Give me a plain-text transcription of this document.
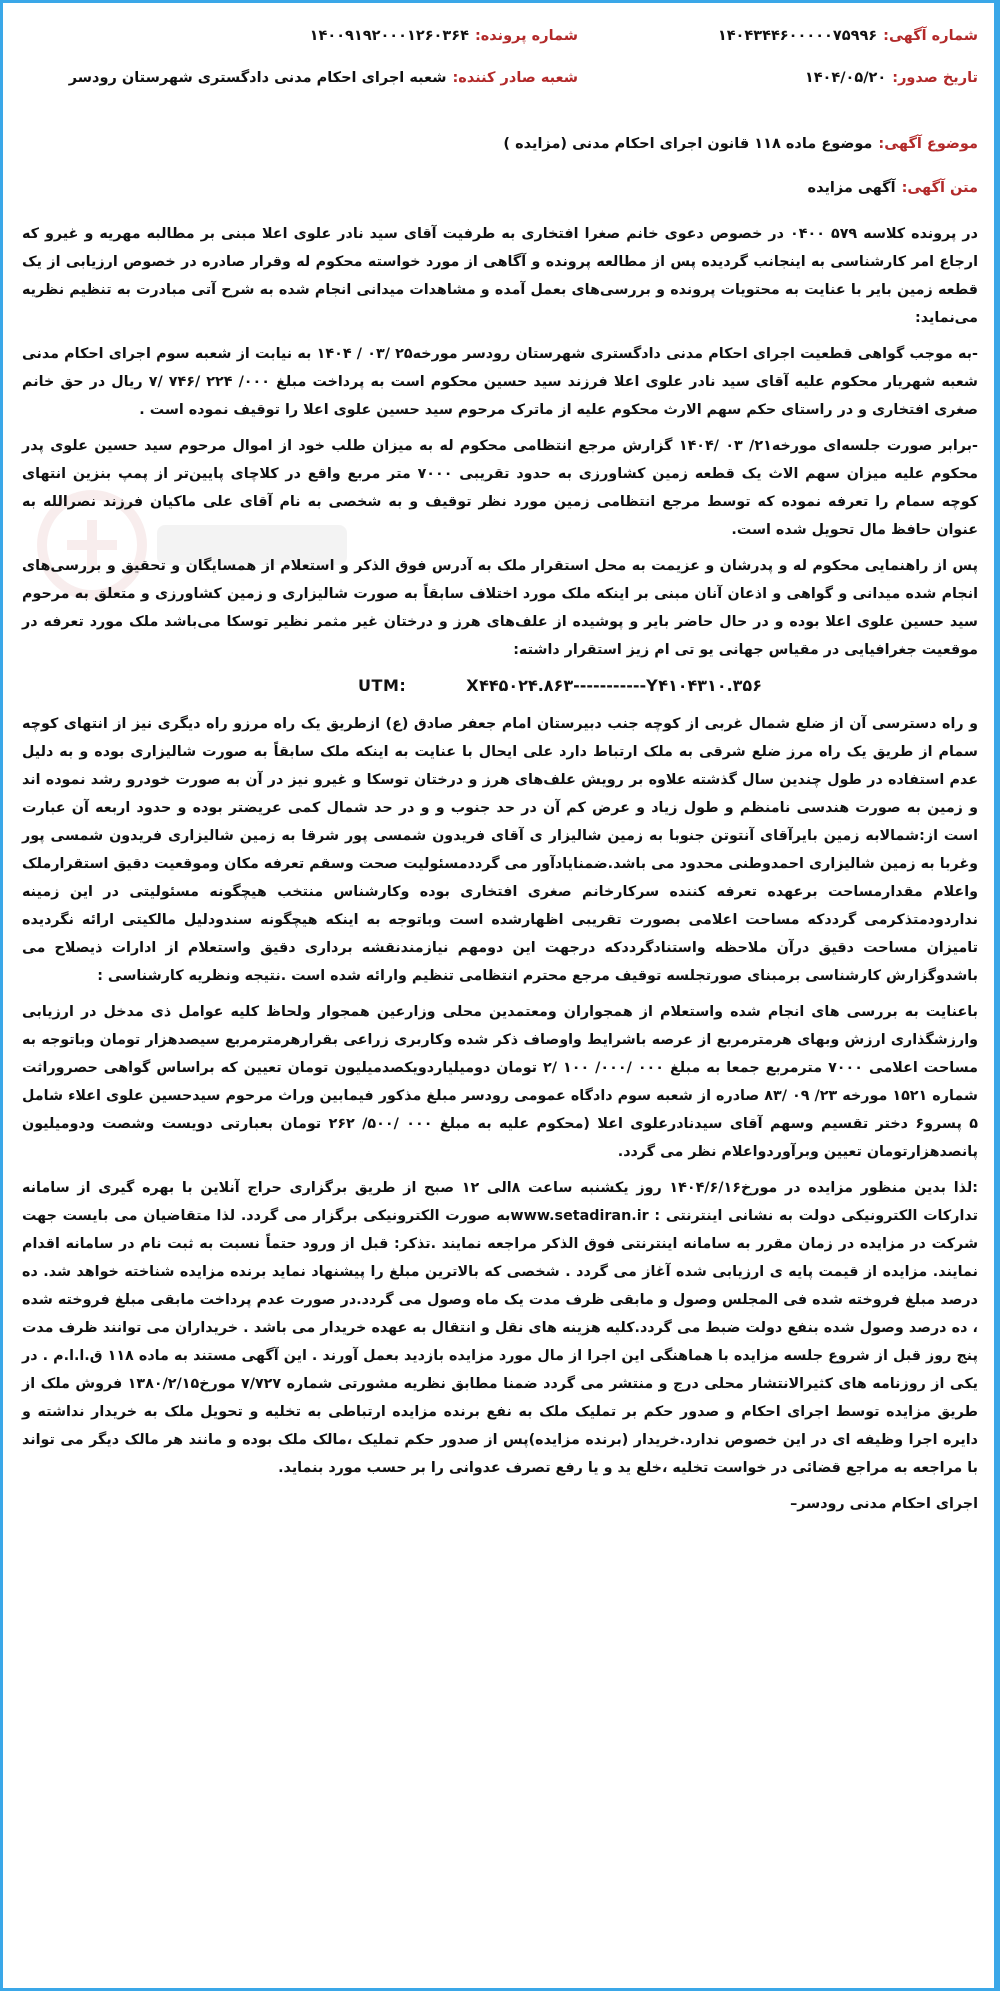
شماره آگهی:
۱۴۰۴۳۴۴۶۰۰۰۰۰۷۵۹۹۶
شماره پرونده:
۱۴۰۰۹۱۹۲۰۰۰۱۲۶۰۳۶۴
تاریخ صدور:
۱۴۰۴/۰۵/۲۰
شعبه صادر کننده:
شعبه اجرای احکام مدنی دادگستری شهرستان رودسر
موضوع آگهی:
موضوع ماده ۱۱۸ قانون اجرای احکام مدنی (مزایده )
متن آگهی:
آگهی مزایده

در پرونده کلاسه ۵۷۹ ۰۴۰۰ در خصوص دعوی خانم صغرا افتخاری به طرفیت آقای سید نادر علوی اعلا مبنی بر مطالبه مهریه و غیرو که ارجاع امر کارشناسی به اینجانب گردیده پس از مطالعه پرونده و آگاهی از مورد خواسته محکوم له وقرار صادره در خصوص ارزیابی از یک قطعه زمین بایر با عنایت به محتویات پرونده و بررسی‌های بعمل آمده و مشاهدات میدانی انجام شده به شرح آتی مبادرت به تنظیم نظریه می‌نماید:

-به موجب گواهی قطعیت اجرای احکام مدنی دادگستری شهرستان رودسر مورخه۲۵ /۰۳ / ۱۴۰۴ به نیابت از شعبه سوم اجرای احکام مدنی شعبه شهریار محکوم علیه آقای سید نادر علوی اعلا فرزند سید حسین محکوم است به پرداخت مبلغ ۰۰۰/ ۲۲۴ /۷۴۶ /۷ ریال در حق خانم صغری افتخاری و در راستای حکم سهم الارث محکوم علیه از ماترک مرحوم سید حسین علوی اعلا را توقیف نموده است .

-برابر صورت جلسه‌ای مورخه۲۱/ ۰۳ /۱۴۰۴ گزارش مرجع انتظامی محکوم له به میزان طلب خود از اموال مرحوم سید حسین علوی پدر محکوم علیه میزان سهم الاث یک قطعه زمین کشاورزی به حدود تقریبی ۷۰۰۰ متر مربع واقع در کلاچای پایین‌تر از پمپ بنزین انتهای کوچه سمام را تعرفه نموده که توسط مرجع انتظامی زمین مورد نظر توقیف و به شخصی به نام آقای علی ماکیان فرزند نصرالله به عنوان حافظ مال تحویل شده است.

پس از راهنمایی محکوم له و پدرشان و عزیمت به محل استقرار ملک به آدرس فوق الذکر و استعلام از همسایگان و تحقیق و بررسی‌های انجام شده میدانی و گواهی و اذعان آنان مبنی بر اینکه ملک مورد اختلاف سابقاً به صورت شالیزاری و زمین کشاورزی و متعلق به مرحوم سید حسین علوی اعلا بوده و در حال حاضر بایر و پوشیده از علف‌های هرز و درختان غیر مثمر نظیر توسکا می‌باشد ملک مورد تعرفه در موقعیت جغرافیایی در مقیاس جهانی یو تی ام زیز استقرار داشته:

UTM:	X۴۴۵۰۲۴.۸۶۳-----------Y۴۱۰۴۳۱۰.۳۵۶

و راه دسترسی آن از ضلع شمال غربی از کوچه جنب دبیرستان امام جعفر صادق (ع) ازطریق یک راه مرزو راه دیگری نیز از انتهای کوچه سمام از طریق یک راه مرز ضلع شرقی به ملک ارتباط دارد علی ایحال با عنایت به اینکه ملک سابقاً به صورت شالیزاری بوده و به دلیل عدم استفاده در طول چندین سال گذشته علاوه بر رویش علف‌های هرز و درختان توسکا و غیرو نیز در آن به صورت خودرو رشد نموده اند و زمین به صورت هندسی نامنظم و طول زیاد و عرض کم آن در حد جنوب و و در حد شمال کمی عریضتر بوده و حدود اربعه آن عبارت است از:شمالابه زمین بایرآقای آنتوتن جنوبا به زمین شالیزار ی آقای فریدون شمسی پور شرقا به زمین شالیزاری فریدون شمسی پور وغربا به زمین شالیزاری احمدوطنی محدود می باشد.ضمنایادآور می گرددمسئولیت صحت وسقم تعرفه مکان وموقعیت دقیق استقرارملک واعلام مقدارمساحت برعهده تعرفه کننده سرکارخانم صغری افتخاری بوده وکارشناس منتخب هیچگونه مسئولیتی در این زمینه نداردودمتذکرمی گرددکه مساحت اعلامی بصورت تقریبی اظهارشده است وباتوجه به اینکه هیچگونه سندودلیل مالکیتی ارائه نگردیده تامیزان مساحت دقیق درآن ملاحظه واستنادگرددکه درجهت این دومهم نیازمندنقشه برداری دقیق واستعلام از ادارات ذیصلاح می باشدوگزارش کارشناسی برمبنای صورتجلسه توقیف مرجع محترم انتظامی تنظیم وارائه شده است .نتیجه ونظریه کارشناسی :

باعنایت به بررسی های انجام شده واستعلام از همجواران ومعتمدین محلی وزارعین همجوار ولحاظ کلیه عوامل ذی مدخل در ارزیابی وارزشگذاری ارزش وبهای هرمترمربع از عرصه باشرایط واوصاف ذکر شده وکاربری زراعی بقرارهرمترمربع سیصدهزار تومان وباتوجه به مساحت اعلامی ۷۰۰۰ مترمربع جمعا به مبلغ ۰۰۰ /۰۰۰/ ۱۰۰ /۲ تومان دومیلیاردویکصدمیلیون تومان تعیین که براساس گواهی حصروراثت شماره ۱۵۲۱ مورخه ۲۳/ ۰۹ /۸۳ صادره از شعبه سوم دادگاه عمومی رودسر مبلغ مذکور فیمابین وراث مرحوم سیدحسین علوی اعلاء شامل ۵ پسرو۶ دختر تقسیم وسهم آقای سیدنادرعلوی اعلا (محکوم علیه به مبلغ ۰۰۰ /۵۰۰/ ۲۶۲ تومان بعبارتی دویست وشصت ودومیلیون پانصدهزارتومان تعیین وبرآوردواعلام نظر می گردد.

:لذا بدین منظور مزایده در مورخ۱۴۰۴/۶/۱۶ روز یکشنبه ساعت ۸الی ۱۲ صبح از طریق برگزاری حراج آنلاین با بهره گیری از سامانه تدارکات الکترونیکی دولت به نشانی اینترنتی : www.setadiran.irبه صورت الکترونیکی برگزار می گردد. لذا متقاضیان می بایست جهت شرکت در مزایده در زمان مقرر به سامانه اینترنتی فوق الذکر مراجعه نمایند .تذکر: قبل از ورود حتماً نسبت به ثبت نام در سامانه اقدام نمایند. مزایده از قیمت پایه ی ارزیابی شده آغاز می گردد . شخصی که بالاترین مبلغ را پیشنهاد نماید برنده مزایده شناخته خواهد شد. ده درصد مبلغ فروخته شده فی المجلس وصول و مابقی ظرف مدت یک ماه وصول می گردد.در صورت عدم پرداخت مابقی مبلغ فروخته شده ، ده درصد وصول شده بنفع دولت ضبط می گردد.کلیه هزینه های نقل و انتقال به عهده خریدار می باشد . خریداران می توانند ظرف مدت پنج روز قبل از شروع جلسه مزایده با هماهنگی این اجرا از مال مورد مزایده بازدید بعمل آورند . این آگهی مستند به ماده ۱۱۸ ق.ا.ا.م . در یکی از روزنامه های کثیرالانتشار محلی درج و منتشر می گردد ضمنا مطابق نظریه مشورتی شماره ۷/۷۲۷ مورخ۱۳۸۰/۲/۱۵ فروش ملک از طریق مزایده توسط اجرای احکام و صدور حکم بر تملیک ملک به نفع برنده مزایده ارتباطی به تخلیه و تحویل ملک به خریدار نداشته و دایره اجرا وظیفه ای در این خصوص ندارد.خریدار (برنده مزایده)پس از صدور حکم تملیک ،مالک ملک بوده و مانند هر مالک دیگر می تواند با مراجعه به مراجع قضائی در خواست تخلیه ،خلع ید و یا رفع تصرف عدوانی را بر حسب مورد بنماید.

اجرای احکام مدنی رودسر–
